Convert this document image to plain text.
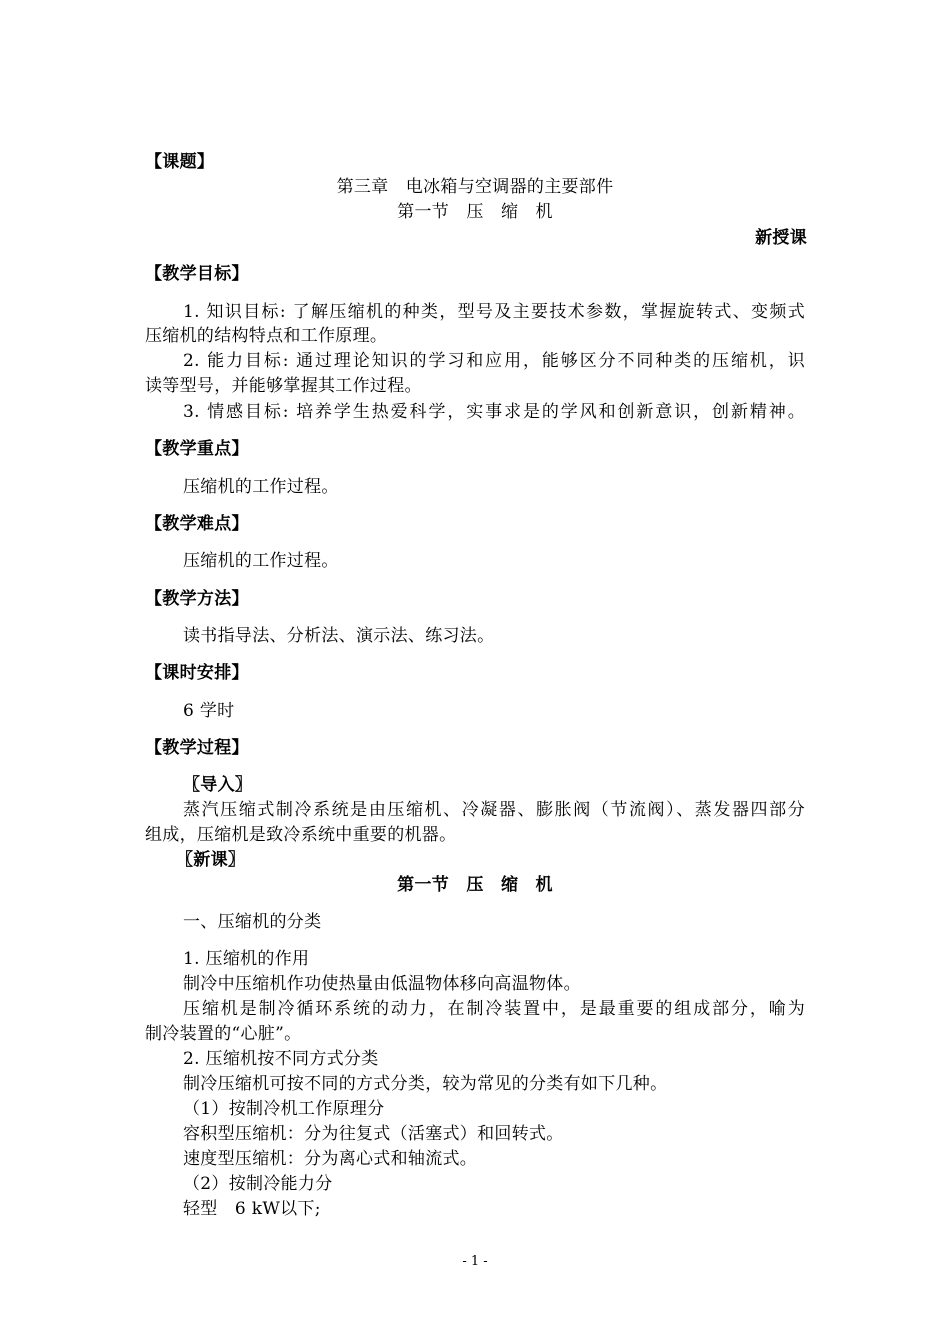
【课题】
第三章　电冰箱与空调器的主要部件
第一节　压　缩　机
新授课
【教学目标】
1. 知识目标: 了解压缩机的种类，型号及主要技术参数，掌握旋转式、变频式
压缩机的结构特点和工作原理。
2. 能力目标: 通过理论知识的学习和应用，能够区分不同种类的压缩机，识
读等型号，并能够掌握其工作过程。
3. 情感目标: 培养学生热爱科学，实事求是的学风和创新意识，创新精神。
【教学重点】
压缩机的工作过程。
【教学难点】
压缩机的工作过程。
【教学方法】
读书指导法、分析法、演示法、练习法。
【课时安排】
6 学时
【教学过程】
〖导入〗
蒸汽压缩式制冷系统是由压缩机、冷凝器、膨胀阀（节流阀）、蒸发器四部分
组成，压缩机是致冷系统中重要的机器。
〖新课〗
第一节　压　缩　机
一、压缩机的分类
1. 压缩机的作用
制冷中压缩机作功使热量由低温物体移向高温物体。
压缩机是制冷循环系统的动力，在制冷装置中，是最重要的组成部分，喻为
制冷装置的“心脏”。
2. 压缩机按不同方式分类
制冷压缩机可按不同的方式分类，较为常见的分类有如下几种。
（1）按制冷机工作原理分
容积型压缩机：分为往复式（活塞式）和回转式。
速度型压缩机：分为离心式和轴流式。
（2）按制冷能力分
轻型　6 kW以下;
- 1 -
